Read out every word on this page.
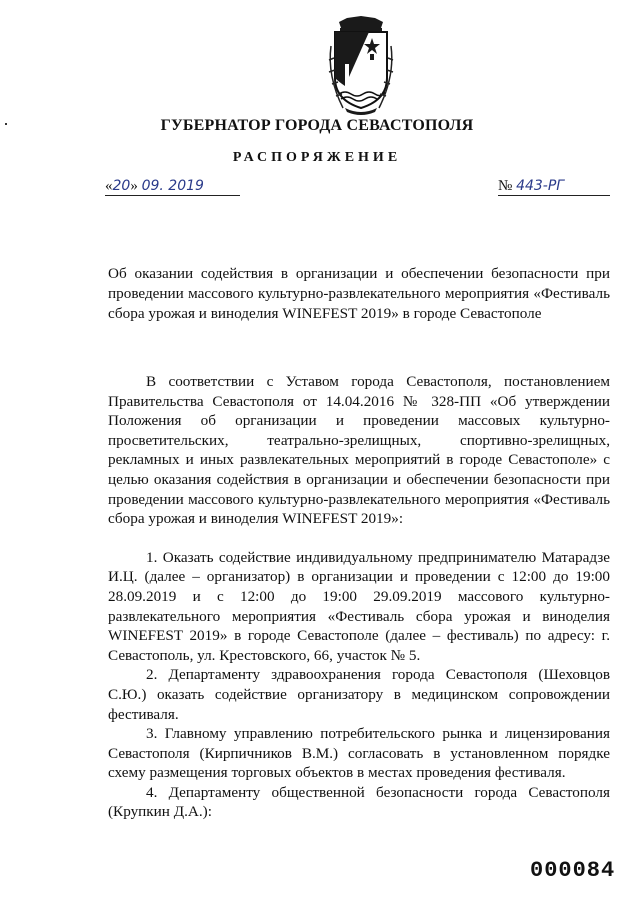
ГУБЕРНАТОР ГОРОДА СЕВАСТОПОЛЯ
РАСПОРЯЖЕНИЕ
«20» 09. 2019	№ 443-РГ
Об оказании содействия в организации и обеспечении безопасности при проведении массового культурно-развлекательного мероприятия «Фестиваль сбора урожая и виноделия WINEFEST 2019» в городе Севастополе

В соответствии с Уставом города Севастополя, постановлением Правительства Севастополя от 14.04.2016 № 328-ПП «Об утверждении Положения об организации и проведении массовых культурно-просветительских, театрально-зрелищных, спортивно-зрелищных, рекламных и иных развлекательных мероприятий в городе Севастополе» с целью оказания содействия в организации и обеспечении безопасности при проведении массового культурно-развлекательного мероприятия «Фестиваль сбора урожая и виноделия WINEFEST 2019»:

1. Оказать содействие индивидуальному предпринимателю Матарадзе И.Ц. (далее – организатор) в организации и проведении с 12:00 до 19:00 28.09.2019 и с 12:00 до 19:00 29.09.2019 массового культурно-развлекательного мероприятия «Фестиваль сбора урожая и виноделия WINEFEST 2019» в городе Севастополе (далее – фестиваль) по адресу: г. Севастополь, ул. Крестовского, 66, участок № 5.

2. Департаменту здравоохранения города Севастополя (Шеховцов С.Ю.) оказать содействие организатору в медицинском сопровождении фестиваля.

3. Главному управлению потребительского рынка и лицензирования Севастополя (Кирпичников В.М.) согласовать в установленном порядке схему размещения торговых объектов в местах проведения фестиваля.

4. Департаменту общественной безопасности города Севастополя (Крупкин Д.А.):

000084
